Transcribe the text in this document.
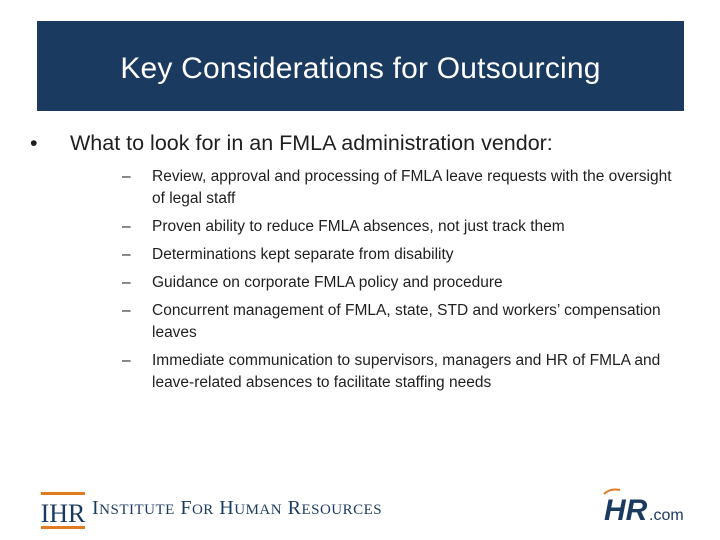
Key Considerations for Outsourcing
•	What to look for in an FMLA administration vendor:
–	Review, approval and processing of FMLA leave requests with the oversight of legal staff
–	Proven ability to reduce FMLA absences, not just track them
–	Determinations kept separate from disability
–	Guidance on corporate FMLA policy and procedure
–	Concurrent management of FMLA, state, STD and workers’ compensation leaves
–	Immediate communication to supervisors, managers and HR of FMLA and leave-related absences to facilitate staffing needs
IHR INSTITUTE FOR HUMAN RESOURCES	HR .com
